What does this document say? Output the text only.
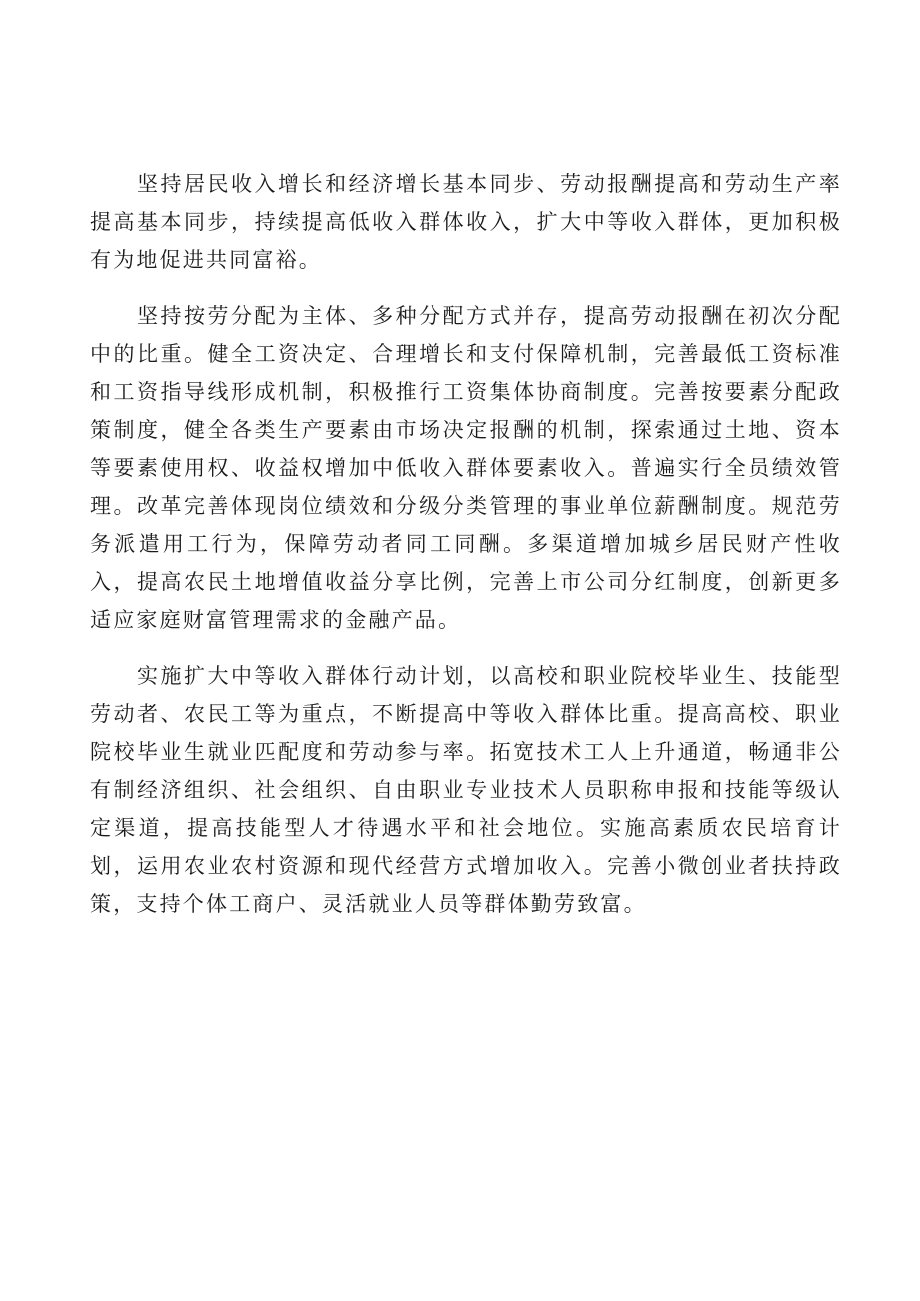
坚持居民收入增长和经济增长基本同步、劳动报酬提高和劳动生产率提高基本同步，持续提高低收入群体收入，扩大中等收入群体，更加积极有为地促进共同富裕。

坚持按劳分配为主体、多种分配方式并存，提高劳动报酬在初次分配中的比重。健全工资决定、合理增长和支付保障机制，完善最低工资标准和工资指导线形成机制，积极推行工资集体协商制度。完善按要素分配政策制度，健全各类生产要素由市场决定报酬的机制，探索通过土地、资本等要素使用权、收益权增加中低收入群体要素收入。普遍实行全员绩效管理。改革完善体现岗位绩效和分级分类管理的事业单位薪酬制度。规范劳务派遣用工行为，保障劳动者同工同酬。多渠道增加城乡居民财产性收入，提高农民土地增值收益分享比例，完善上市公司分红制度，创新更多适应家庭财富管理需求的金融产品。

实施扩大中等收入群体行动计划，以高校和职业院校毕业生、技能型劳动者、农民工等为重点，不断提高中等收入群体比重。提高高校、职业院校毕业生就业匹配度和劳动参与率。拓宽技术工人上升通道，畅通非公有制经济组织、社会组织、自由职业专业技术人员职称申报和技能等级认定渠道，提高技能型人才待遇水平和社会地位。实施高素质农民培育计划，运用农业农村资源和现代经营方式增加收入。完善小微创业者扶持政策，支持个体工商户、灵活就业人员等群体勤劳致富。
